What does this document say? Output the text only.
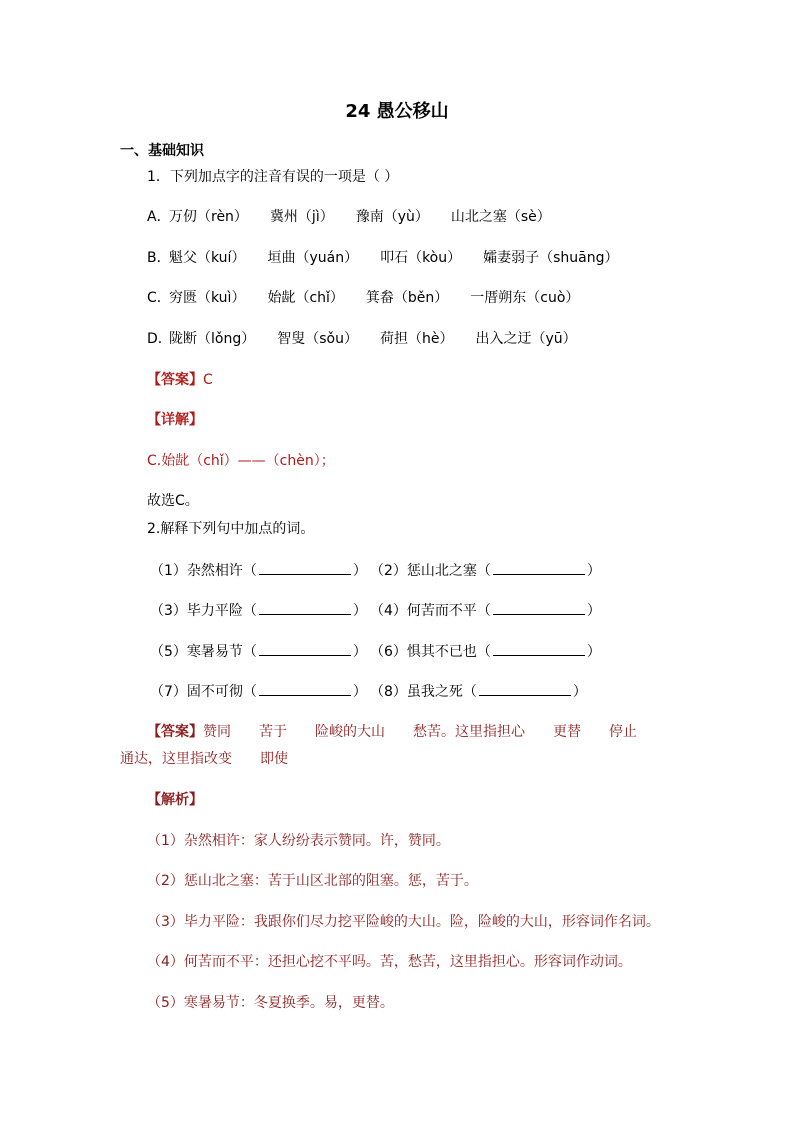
24 愚公移山
一、基础知识
1．下列加点字的注音有误的一项是（ ）
A．万仞（rèn） 冀州（jì） 豫南（yù） 山北之塞（sè）
B．魁父（kuí） 垣曲（yuán） 叩石（kòu） 孀妻弱子（shuāng）
C．穷匮（kuì） 始龀（chǐ） 箕畚（běn） 一厝朔东（cuò）
D．陇断（lǒng） 智叟（sǒu） 荷担（hè） 出入之迂（yū）
【答案】C
【详解】
C.始龀（chǐ）——（chèn）；
故选C。
2.解释下列句中加点的词。
（1）杂然相许（	） （2）惩山北之塞（	）
（3）毕力平险（	） （4）何苦而不平（	）
（5）寒暑易节（	） （6）惧其不已也（	）
（7）固不可彻（	） （8）虽我之死（	）
【答案】赞同 苦于 险峻的大山 愁苦。这里指担心 更替 停止
通达，这里指改变 即使
【解析】
（1）杂然相许：家人纷纷表示赞同。许，赞同。
（2）惩山北之塞：苦于山区北部的阻塞。惩，苦于。
（3）毕力平险：我跟你们尽力挖平险峻的大山。险，险峻的大山，形容词作名词。
（4）何苦而不平：还担心挖不平吗。苦，愁苦，这里指担心。形容词作动词。
（5）寒暑易节：冬夏换季。易，更替。
